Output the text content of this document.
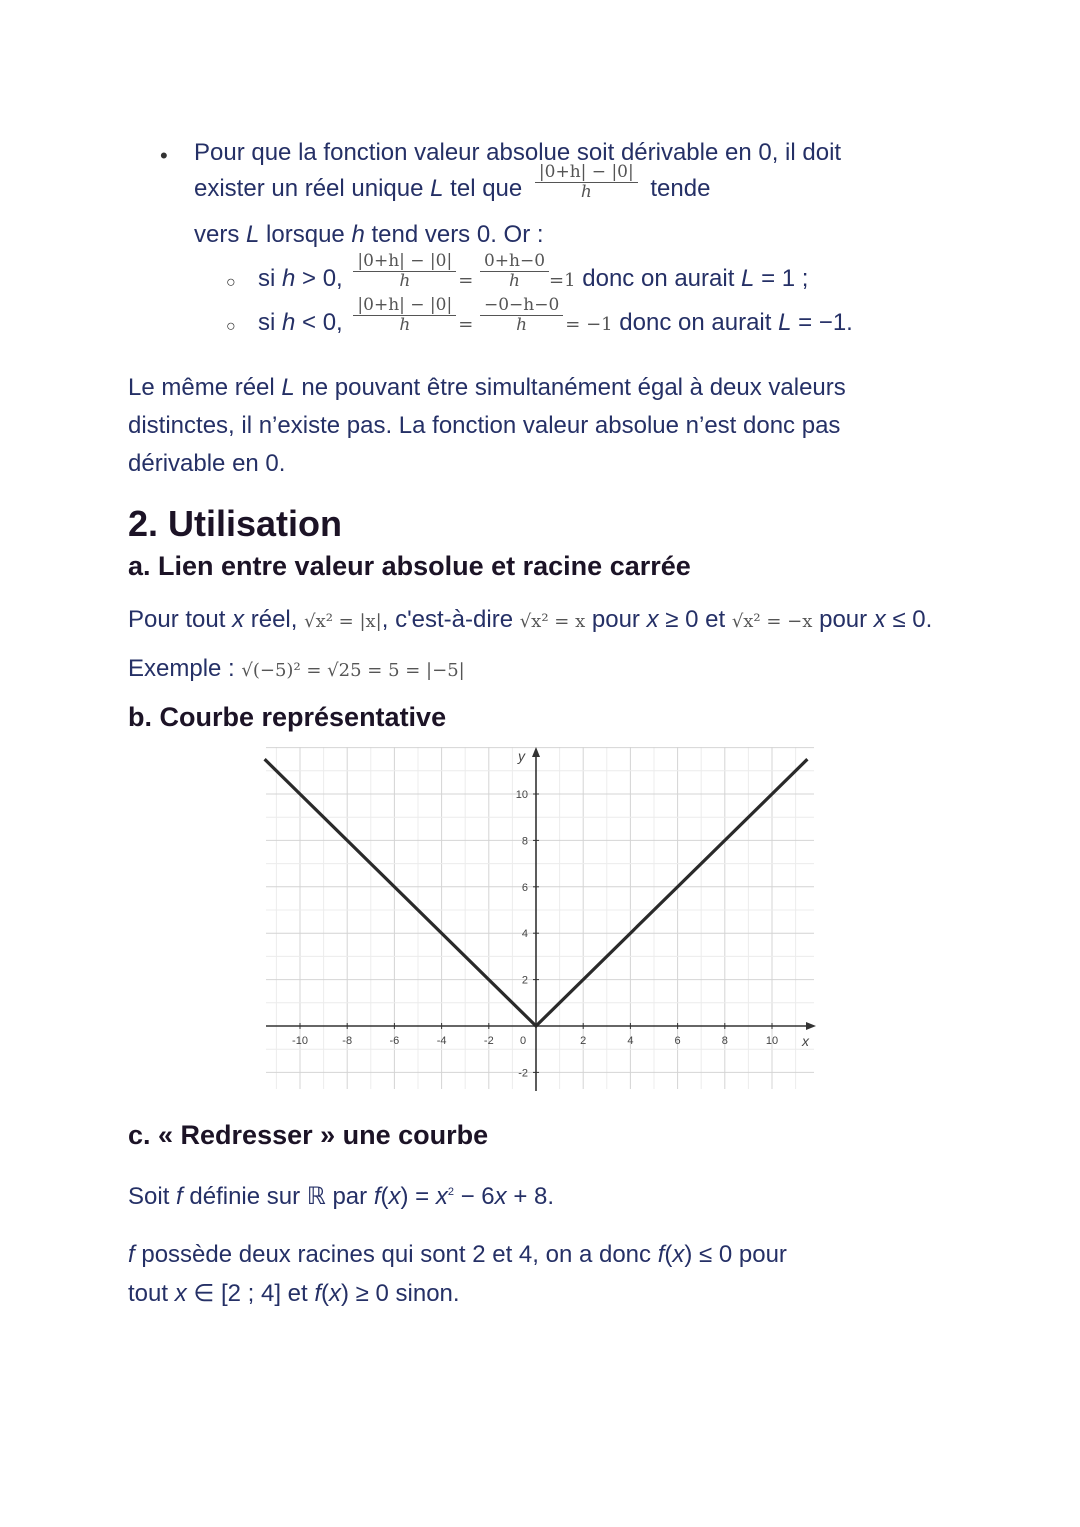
• Pour que la fonction valeur absolue soit dérivable en 0, il doit
exister un réel unique L tel que $\frac{|0+h| - |0|}{h}$ tende
vers L lorsque h tend vers 0. Or :
○ si h > 0, $\frac{|0+h| - |0|}{h} = \frac{0+h-0}{h} =1$ donc on aurait L = 1 ;
○ si h < 0, $\frac{|0+h| - |0|}{h} = \frac{-0-h-0}{h} = -1$ donc on aurait L = −1.
Le même réel L ne pouvant être simultanément égal à deux valeurs
distinctes, il n’existe pas. La fonction valeur absolue n’est donc pas
dérivable en 0.
2. Utilisation
a. Lien entre valeur absolue et racine carrée
Pour tout x réel, √x² = |x|, c'est-à-dire √x² = x pour x ≥ 0 et √x² = −x pour x ≤ 0.
Exemple : √(−5)² = √25 = 5 = |−5|
b. Courbe représentative
x
y
-10	-8	-6	-4	-2 0	2	4	6	8	10
-2
2
4
6
8
10
c. « Redresser » une courbe
Soit f définie sur ℝ par $f(x) = x^2 - 6x + 8$.
f possède deux racines qui sont 2 et 4, on a donc f(x) ≤ 0 pour
tout x ∈ [2 ; 4] et f(x) ≥ 0 sinon.
